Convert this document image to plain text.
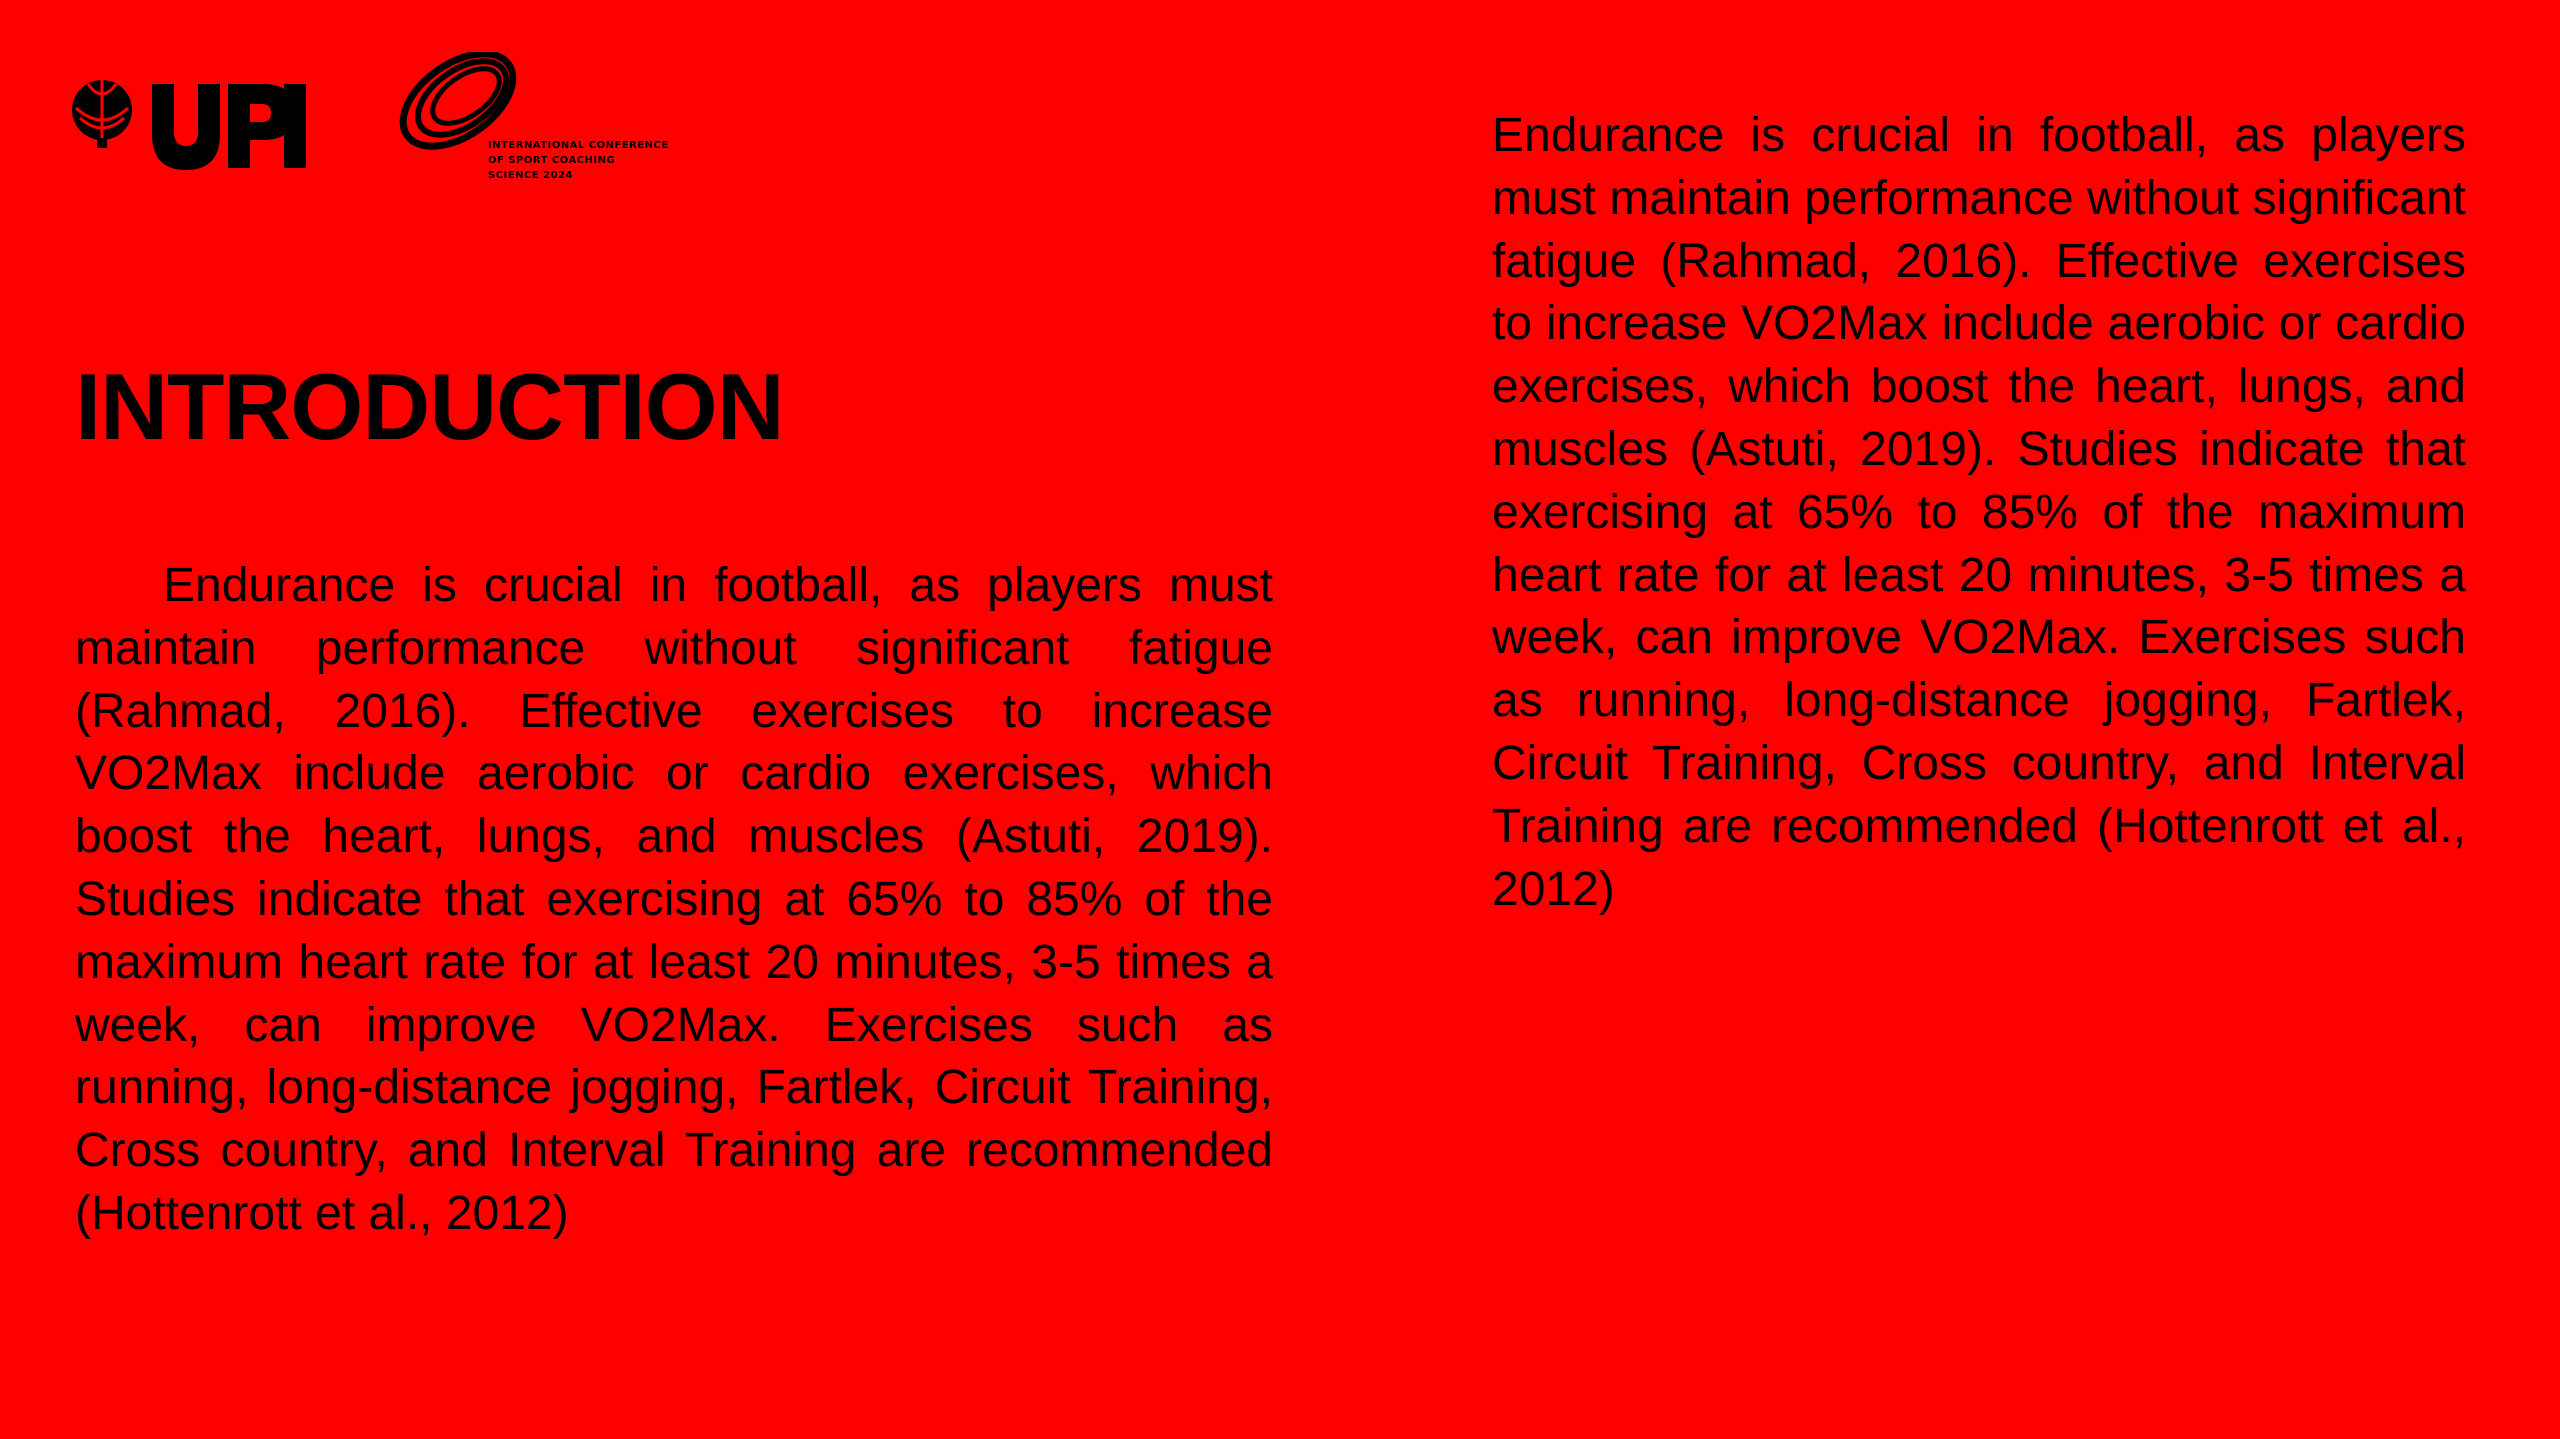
INTERNATIONAL CONFERENCE
OF SPORT COACHING
SCIENCE 2024
INTRODUCTION

Endurance is crucial in football, as players must maintain performance without significant fatigue (Rahmad, 2016). Effective exercises to increase VO2Max include aerobic or cardio exercises, which boost the heart, lungs, and muscles (Astuti, 2019). Studies indicate that exercising at 65% to 85% of the maximum heart rate for at least 20 minutes, 3-5 times a week, can improve VO2Max. Exercises such as running, long-distance jogging, Fartlek, Circuit Training, Cross country, and Interval Training are recommended (Hottenrott et al., 2012)

Endurance is crucial in football, as players must maintain performance without significant fatigue (Rahmad, 2016). Effective exercises to increase VO2Max include aerobic or cardio exercises, which boost the heart, lungs, and muscles (Astuti, 2019). Studies indicate that exercising at 65% to 85% of the maximum heart rate for at least 20 minutes, 3-5 times a week, can improve VO2Max. Exercises such as running, long-distance jogging, Fartlek, Circuit Training, Cross country, and Interval Training are recommended (Hottenrott et al., 2012)
